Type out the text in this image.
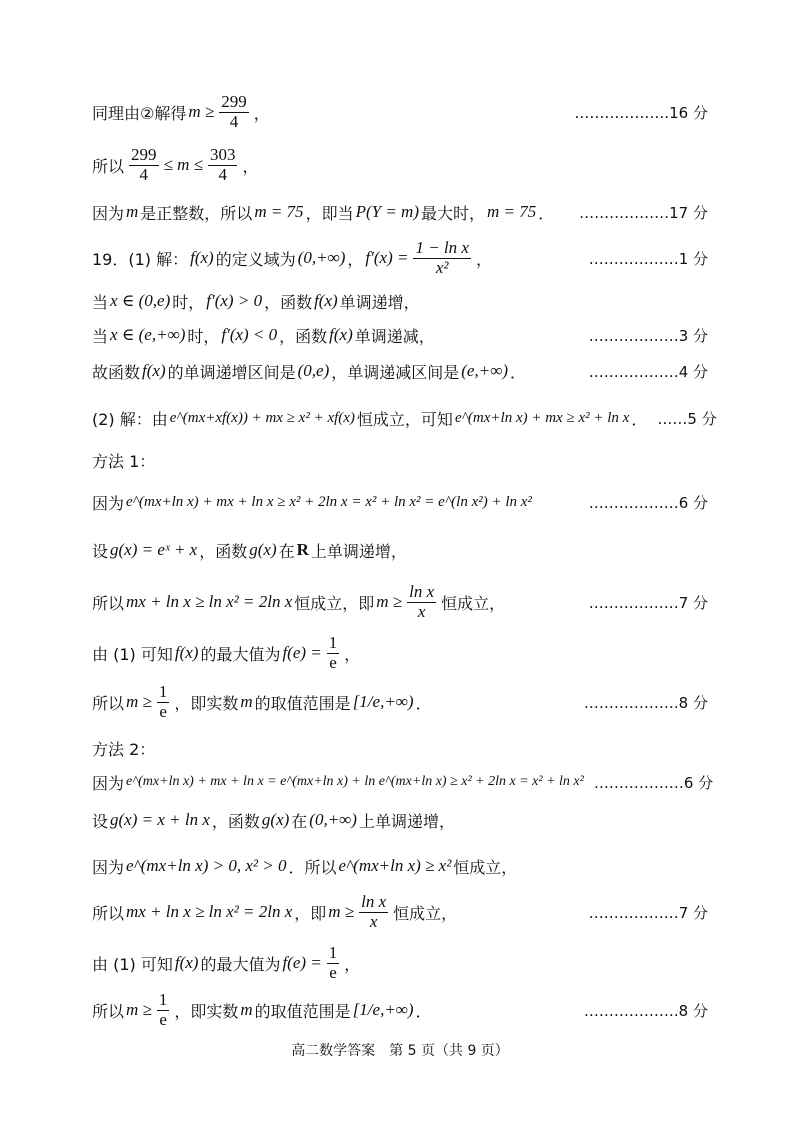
同理由②解得 $m \ge \frac{299}{4}$ ，	……………….16 分
所以 $\frac{299}{4} \le m \le \frac{303}{4}$ ，
因为 m 是正整数，所以 m = 75 ，即当 P(Y = m) 最大时， m = 75 ． ………………17 分
19．(1) 解： f(x) 的定义域为 (0,+∞) ， $f'(x) = \frac{\text{1 − ln x}}{\text{x²}}$ ，	………………1 分
当 x ∈ (0,e) 时， f′(x) > 0 ，函数 f(x) 单调递增，
当 x ∈ (e,+∞) 时， f′(x) < 0 ，函数 f(x) 单调递减，	………………3 分
故函数 f(x) 的单调递增区间是 (0,e) ，单调递减区间是 (e,+∞) ．	………………4 分
(2) 解：由 e^(mx+xf(x)) + mx ≥ x² + xf(x) 恒成立，可知 e^(mx+ln x) + mx ≥ x² + ln x ． ……5 分
方法 1：
因为 e^(mx+ln x) + mx + ln x ≥ x² + 2ln x = x² + ln x² = e^(ln x²) + ln x²	………………6 分
设 g(x) = eˣ + x ，函数 g(x) 在 R 上单调递增，
所以 mx + ln x ≥ ln x² = 2ln x 恒成立，即 $m \ge \frac{\text{ln x}}{x}$ 恒成立，	………………7 分
由 (1) 可知 f(x) 的最大值为 $f(e) = \frac{1}{e}$ ，
所以 $m \ge \frac{1}{e}$ ，即实数 m 的取值范围是 [1/e,+∞) ．	……………….8 分
方法 2：
因为 e^(mx+ln x) + mx + ln x = e^(mx+ln x) + ln e^(mx+ln x) ≥ x² + 2ln x = x² + ln x² ………………6 分
设 g(x) = x + ln x ，函数 g(x) 在 (0,+∞) 上单调递增，
因为 e^(mx+ln x) > 0, x² > 0 ．所以 e^(mx+ln x) ≥ x² 恒成立，
所以 mx + ln x ≥ ln x² = 2ln x ，即 $m \ge \frac{\text{ln x}}{x}$ 恒成立，	………………7 分
由 (1) 可知 f(x) 的最大值为 $f(e) = \frac{1}{e}$ ，
所以 $m \ge \frac{1}{e}$ ，即实数 m 的取值范围是 [1/e,+∞) ．	……………….8 分
高二数学答案　第 5 页（共 9 页）
